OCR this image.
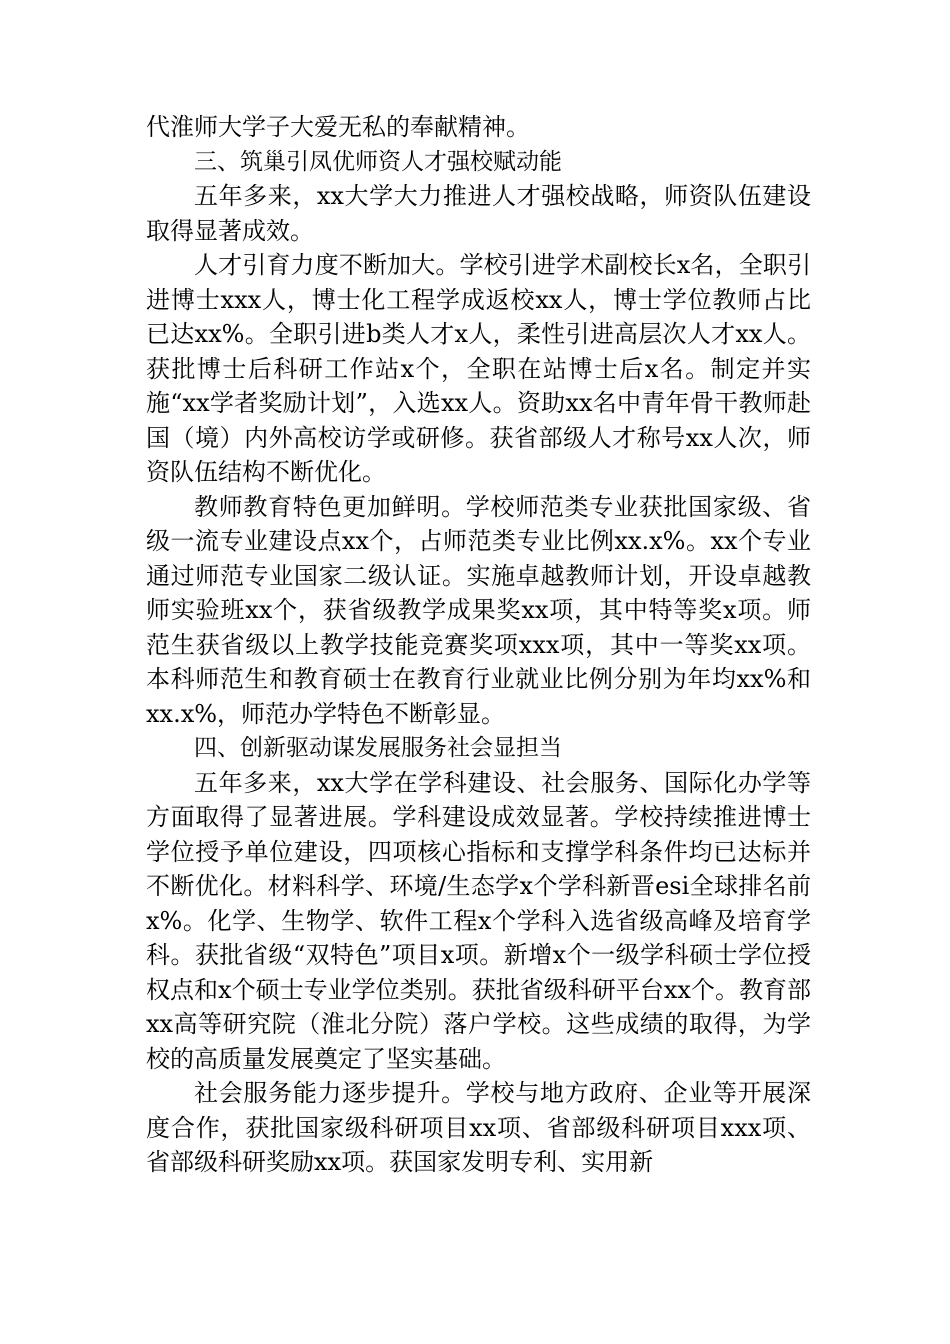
代淮师大学子大爱无私的奉献精神。

三、筑巢引凤优师资人才强校赋动能

五年多来，xx大学大力推进人才强校战略，师资队伍建设取得显著成效。

人才引育力度不断加大。学校引进学术副校长x名，全职引进博士xxx人，博士化工程学成返校xx人，博士学位教师占比已达xx%。全职引进b类人才x人，柔性引进高层次人才xx人。获批博士后科研工作站x个，全职在站博士后x名。制定并实施“xx学者奖励计划”，入选xx人。资助xx名中青年骨干教师赴国（境）内外高校访学或研修。获省部级人才称号xx人次，师资队伍结构不断优化。

教师教育特色更加鲜明。学校师范类专业获批国家级、省级一流专业建设点xx个，占师范类专业比例xx.x%。xx个专业通过师范专业国家二级认证。实施卓越教师计划，开设卓越教师实验班xx个，获省级教学成果奖xx项，其中特等奖x项。师范生获省级以上教学技能竞赛奖项xxx项，其中一等奖xx项。本科师范生和教育硕士在教育行业就业比例分别为年均xx%和xx.x%，师范办学特色不断彰显。

四、创新驱动谋发展服务社会显担当

五年多来，xx大学在学科建设、社会服务、国际化办学等方面取得了显著进展。学科建设成效显著。学校持续推进博士学位授予单位建设，四项核心指标和支撑学科条件均已达标并不断优化。材料科学、环境/生态学x个学科新晋esi全球排名前x%。化学、生物学、软件工程x个学科入选省级高峰及培育学科。获批省级“双特色”项目x项。新增x个一级学科硕士学位授权点和x个硕士专业学位类别。获批省级科研平台xx个。教育部xx高等研究院（淮北分院）落户学校。这些成绩的取得，为学校的高质量发展奠定了坚实基础。

社会服务能力逐步提升。学校与地方政府、企业等开展深度合作，获批国家级科研项目xx项、省部级科研项目xxx项、省部级科研奖励xx项。获国家发明专利、实用新
